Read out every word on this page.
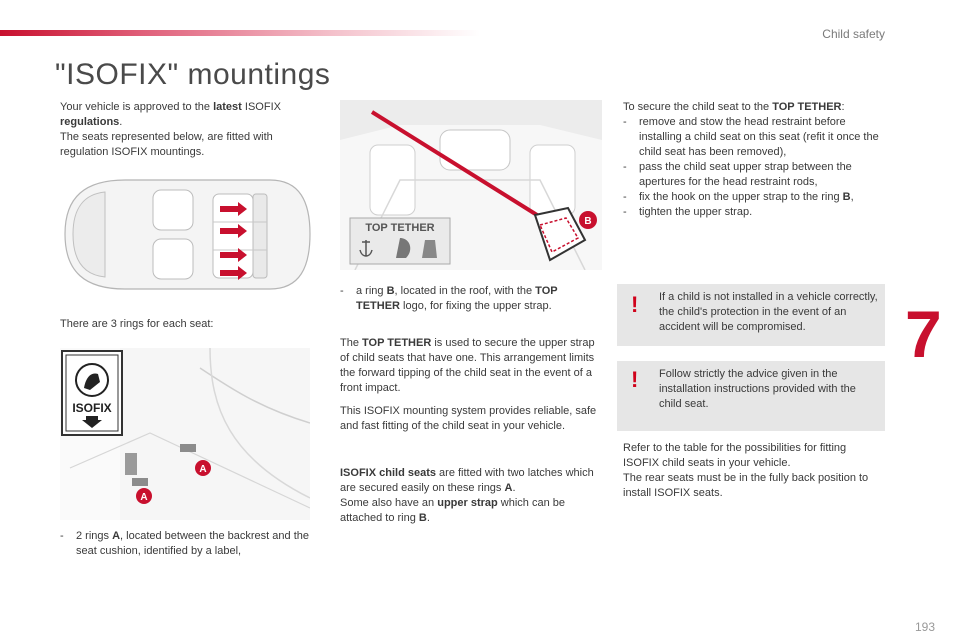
Child safety
"ISOFIX" mountings

Your vehicle is approved to the latest ISOFIX regulations.

The seats represented below, are fitted with regulation ISOFIX mountings.

There are 3 rings for each seat:
ISOFIX
A
A
- 2 rings A, located between the backrest and the seat cushion, identified by a label,
B
TOP TETHER
- a ring B, located in the roof, with the TOP TETHER logo, for fixing the upper strap.

The TOP TETHER is used to secure the upper strap of child seats that have one. This arrangement limits the forward tipping of the child seat in the event of a front impact.

This ISOFIX mounting system provides reliable, safe and fast fitting of the child seat in your vehicle.

ISOFIX child seats are fitted with two latches which are secured easily on these rings A.

Some also have an upper strap which can be attached to ring B.

To secure the child seat to the TOP TETHER:

- remove and stow the head restraint before installing a child seat on this seat (refit it once the child seat has been removed),
- pass the child seat upper strap between the apertures for the head restraint rods,
- fix the hook on the upper strap to the ring B,
- tighten the upper strap.
! If a child is not installed in a vehicle correctly, the child's protection in the event of an accident will be compromised.
! Follow strictly the advice given in the installation instructions provided with the child seat.

Refer to the table for the possibilities for fitting ISOFIX child seats in your vehicle.

The rear seats must be in the fully back position to install ISOFIX seats.

7
193
